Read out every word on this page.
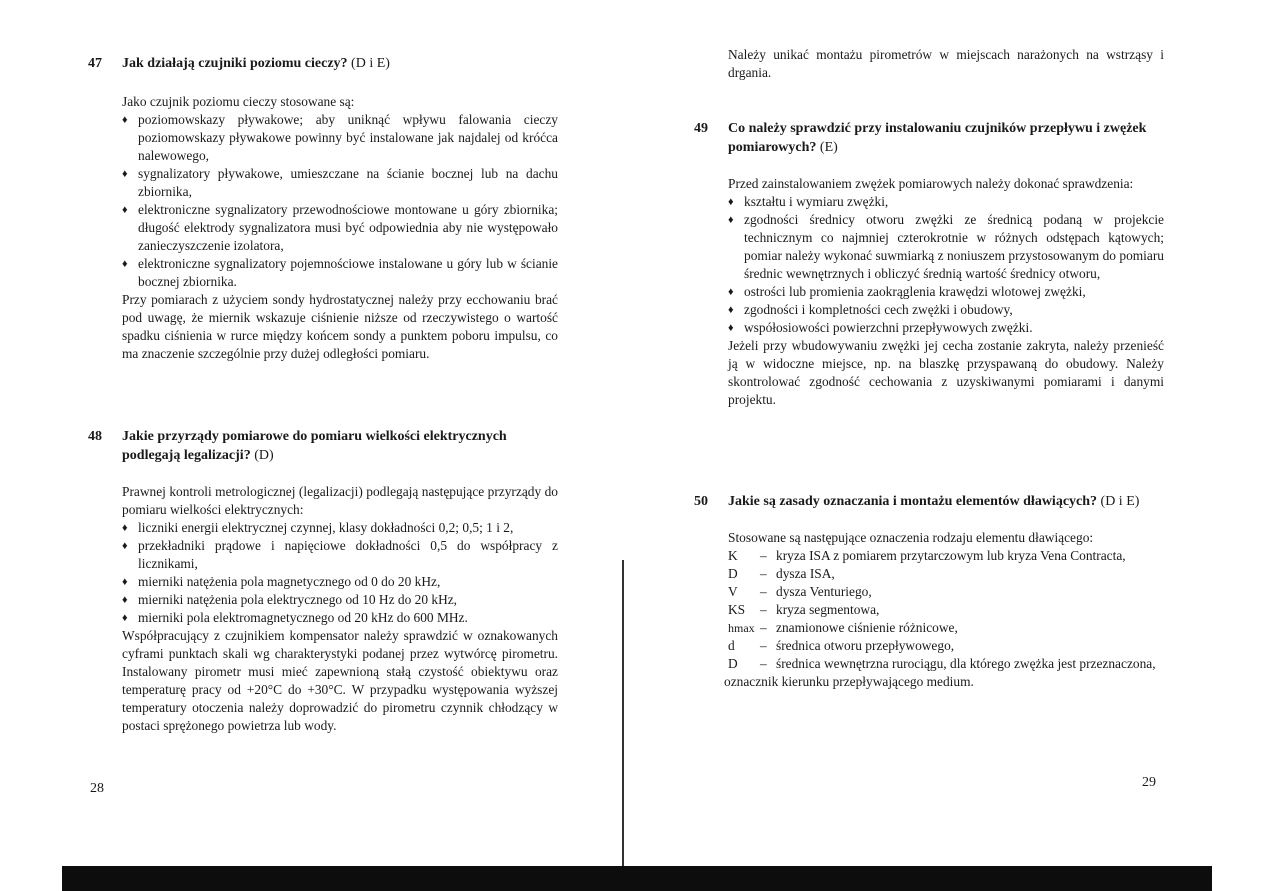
47	Jak działają czujniki poziomu cieczy? (D i E)
Jako czujnik poziomu cieczy stosowane są:
♦ poziomowskazy pływakowe; aby uniknąć wpływu falowania cieczy poziomowskazy pływakowe powinny być instalowane jak najdalej od króćca nalewowego,
♦ sygnalizatory pływakowe, umieszczane na ścianie bocznej lub na dachu zbiornika,
♦ elektroniczne sygnalizatory przewodnościowe montowane u góry zbiornika; długość elektrody sygnalizatora musi być odpowiednia aby nie występowało zanieczyszczenie izolatora,
♦ elektroniczne sygnalizatory pojemnościowe instalowane u góry lub w ścianie bocznej zbiornika.
Przy pomiarach z użyciem sondy hydrostatycznej należy przy ecchowaniu brać pod uwagę, że miernik wskazuje ciśnienie niższe od rzeczywistego o wartość spadku ciśnienia w rurce między końcem sondy a punktem poboru impulsu, co ma znaczenie szczególnie przy dużej odległości pomiaru.
48	Jakie przyrządy pomiarowe do pomiaru wielkości elektrycznych podlegają legalizacji? (D)
Prawnej kontroli metrologicznej (legalizacji) podlegają następujące przyrządy do pomiaru wielkości elektrycznych:
♦ liczniki energii elektrycznej czynnej, klasy dokładności 0,2; 0,5; 1 i 2,
♦ przekładniki prądowe i napięciowe dokładności 0,5 do współpracy z licznikami,
♦ mierniki natężenia pola magnetycznego od 0 do 20 kHz,
♦ mierniki natężenia pola elektrycznego od 10 Hz do 20 kHz,
♦ mierniki pola elektromagnetycznego od 20 kHz do 600 MHz.
Współpracujący z czujnikiem kompensator należy sprawdzić w oznakowanych cyframi punktach skali wg charakterystyki podanej przez wytwórcę pirometru. Instalowany pirometr musi mieć zapewnioną stałą czystość obiektywu oraz temperaturę pracy od +20°C do +30°C. W przypadku występowania wyższej temperatury otoczenia należy doprowadzić do pirometru czynnik chłodzący w postaci sprężonego powietrza lub wody.
28
Należy unikać montażu pirometrów w miejscach narażonych na wstrząsy i drgania.
49	Co należy sprawdzić przy instalowaniu czujników przepływu i zwężek pomiarowych? (E)
Przed zainstalowaniem zwężek pomiarowych należy dokonać sprawdzenia:
♦ kształtu i wymiaru zwężki,
♦ zgodności średnicy otworu zwężki ze średnicą podaną w projekcie technicznym co najmniej czterokrotnie w różnych odstępach kątowych; pomiar należy wykonać suwmiarką z noniuszem przystosowanym do pomiaru średnic wewnętrznych i obliczyć średnią wartość średnicy otworu,
♦ ostrości lub promienia zaokrąglenia krawędzi wlotowej zwężki,
♦ zgodności i kompletności cech zwężki i obudowy,
♦ współosiowości powierzchni przepływowych zwężki.
Jeżeli przy wbudowywaniu zwężki jej cecha zostanie zakryta, należy przenieść ją w widoczne miejsce, np. na blaszkę przyspawaną do obudowy. Należy skontrolować zgodność cechowania z uzyskiwanymi pomiarami i danymi projektu.
50	Jakie są zasady oznaczania i montażu elementów dławiących? (D i E)
Stosowane są następujące oznaczenia rodzaju elementu dławiącego:
K	–	kryza ISA z pomiarem przytarczowym lub kryza Vena Contracta,
D	–	dysza ISA,
V	–	dysza Venturiego,
KS	–	kryza segmentowa,
hmax	–	znamionowe ciśnienie różnicowe,
d	–	średnica otworu przepływowego,
D	–	średnica wewnętrzna rurociągu, dla którego zwężka jest przeznaczona,
oznacznik kierunku przepływającego medium.
29
